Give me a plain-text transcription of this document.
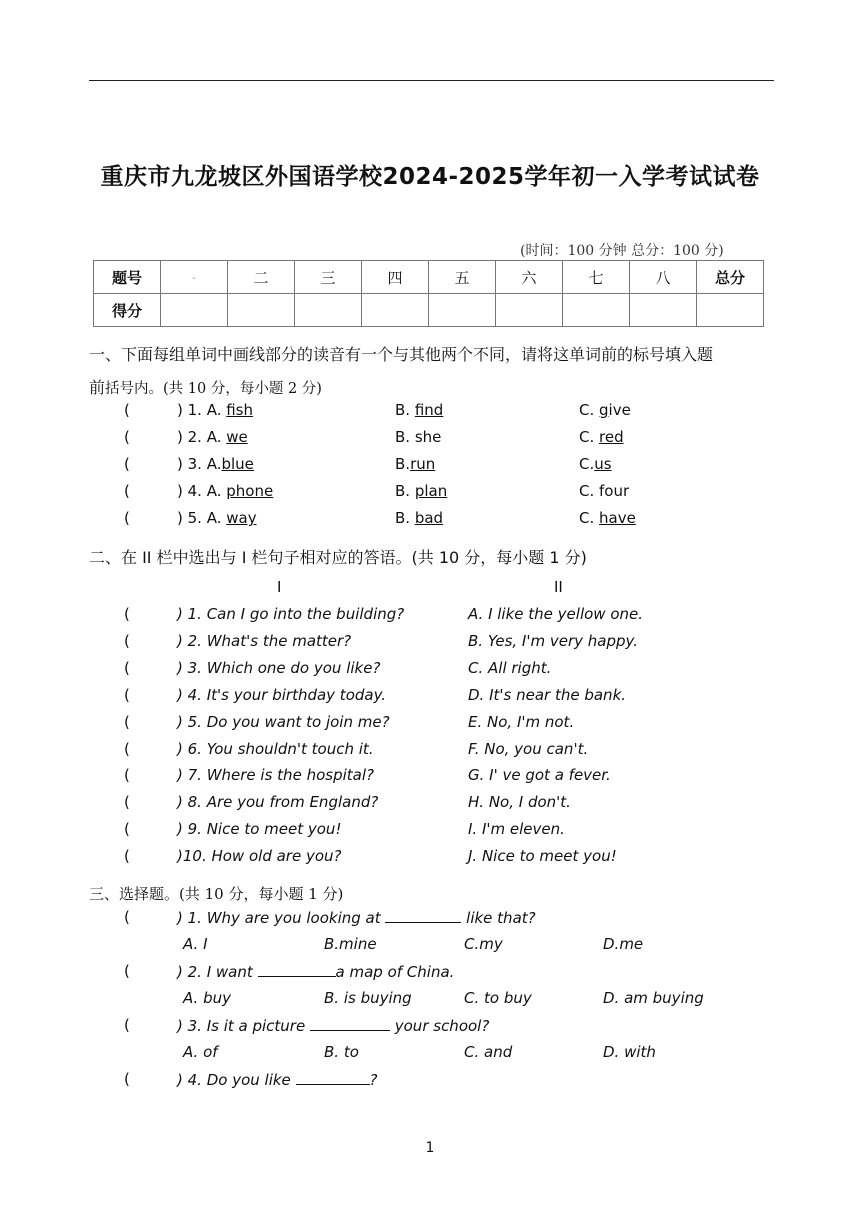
重庆市九龙坡区外国语学校2024-2025学年初一入学考试试卷
(时间：100 分钟 总分：100 分)
题号	-	二	三	四	五	六	七	八	总分
得分									
一、下面每组单词中画线部分的读音有一个与其他两个不同，请将这单词前的标号填入题
前括号内。(共 10 分，每小题 2 分)
(	) 1. A. fish	B. find	C. give
(	) 2. A. we	B. she	C. red
(	) 3. A.blue	B.run	C.us
(	) 4. A. phone	B. plan	C. four
(	) 5. A. way	B. bad	C. have
二、在 II 栏中选出与 I 栏句子相对应的答语。(共 10 分，每小题 1 分)
I	II
(	) 1. Can I go into the building?	A. I like the yellow one.
(	) 2. What's the matter?	B. Yes, I'm very happy.
(	) 3. Which one do you like?	C. All right.
(	) 4. It's your birthday today.	D. It's near the bank.
(	) 5. Do you want to join me?	E. No, I'm not.
(	) 6. You shouldn't touch it.	F. No, you can't.
(	) 7. Where is the hospital?	G. I' ve got a fever.
(	) 8. Are you from England?	H. No, I don't.
(	) 9. Nice to meet you!	I. I'm eleven.
(	)10. How old are you?	J. Nice to meet you!
三、选择题。(共 10 分，每小题 1 分)
(	) 1. Why are you looking at	like that?
A. I	B.mine	C.my	D.me
(	) 2. I want	a map of China.
A. buy	B. is buying	C. to buy	D. am buying
(	) 3. Is it a picture	your school?
A. of	B. to	C. and	D. with
(	) 4. Do you like	?
1
